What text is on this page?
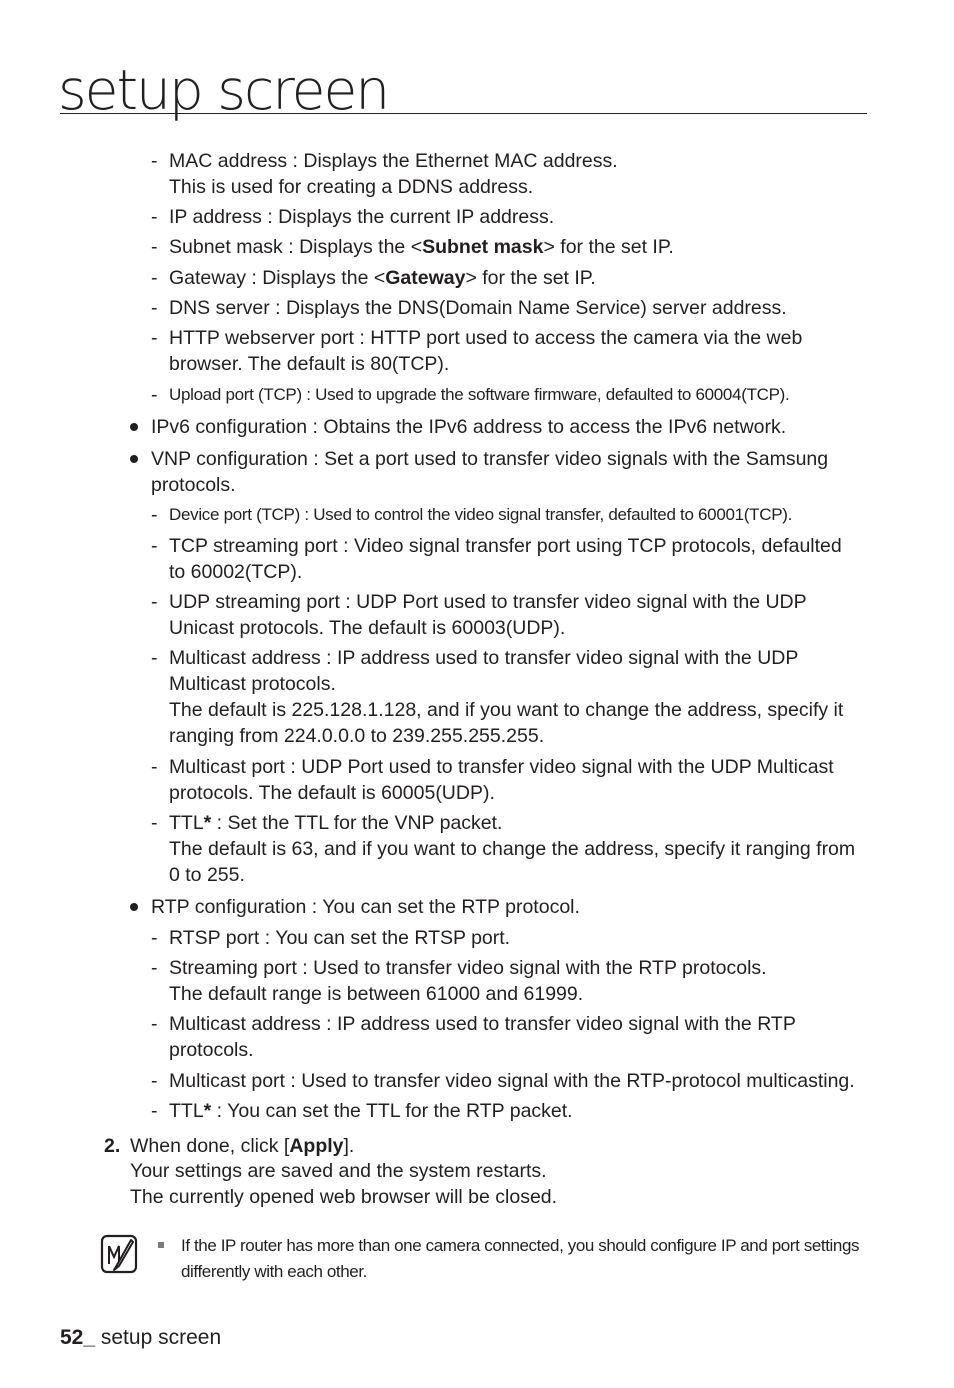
setup screen
- MAC address : Displays the Ethernet MAC address.
This is used for creating a DDNS address.
- IP address : Displays the current IP address.
- Subnet mask : Displays the <Subnet mask> for the set IP.
- Gateway : Displays the <Gateway> for the set IP.
- DNS server : Displays the DNS(Domain Name Service) server address.
- HTTP webserver port : HTTP port used to access the camera via the web
browser. The default is 80(TCP).
- Upload port (TCP) : Used to upgrade the software firmware, defaulted to 60004(TCP).
IPv6 configuration : Obtains the IPv6 address to access the IPv6 network.
VNP configuration : Set a port used to transfer video signals with the Samsung
protocols.
- Device port (TCP) : Used to control the video signal transfer, defaulted to 60001(TCP).
- TCP streaming port : Video signal transfer port using TCP protocols, defaulted
to 60002(TCP).
- UDP streaming port : UDP Port used to transfer video signal with the UDP
Unicast protocols. The default is 60003(UDP).
- Multicast address : IP address used to transfer video signal with the UDP
Multicast protocols.
The default is 225.128.1.128, and if you want to change the address, specify it
ranging from 224.0.0.0 to 239.255.255.255.
- Multicast port : UDP Port used to transfer video signal with the UDP Multicast
protocols. The default is 60005(UDP).
- TTL* : Set the TTL for the VNP packet.
The default is 63, and if you want to change the address, specify it ranging from
0 to 255.
RTP configuration : You can set the RTP protocol.
- RTSP port : You can set the RTSP port.
- Streaming port : Used to transfer video signal with the RTP protocols.
The default range is between 61000 and 61999.
- Multicast address : IP address used to transfer video signal with the RTP
protocols.
- Multicast port : Used to transfer video signal with the RTP-protocol multicasting.
- TTL* : You can set the TTL for the RTP packet.
2. When done, click [Apply].
Your settings are saved and the system restarts.
The currently opened web browser will be closed.
If the IP router has more than one camera connected, you should configure IP and port settings
differently with each other.
52_ setup screen
